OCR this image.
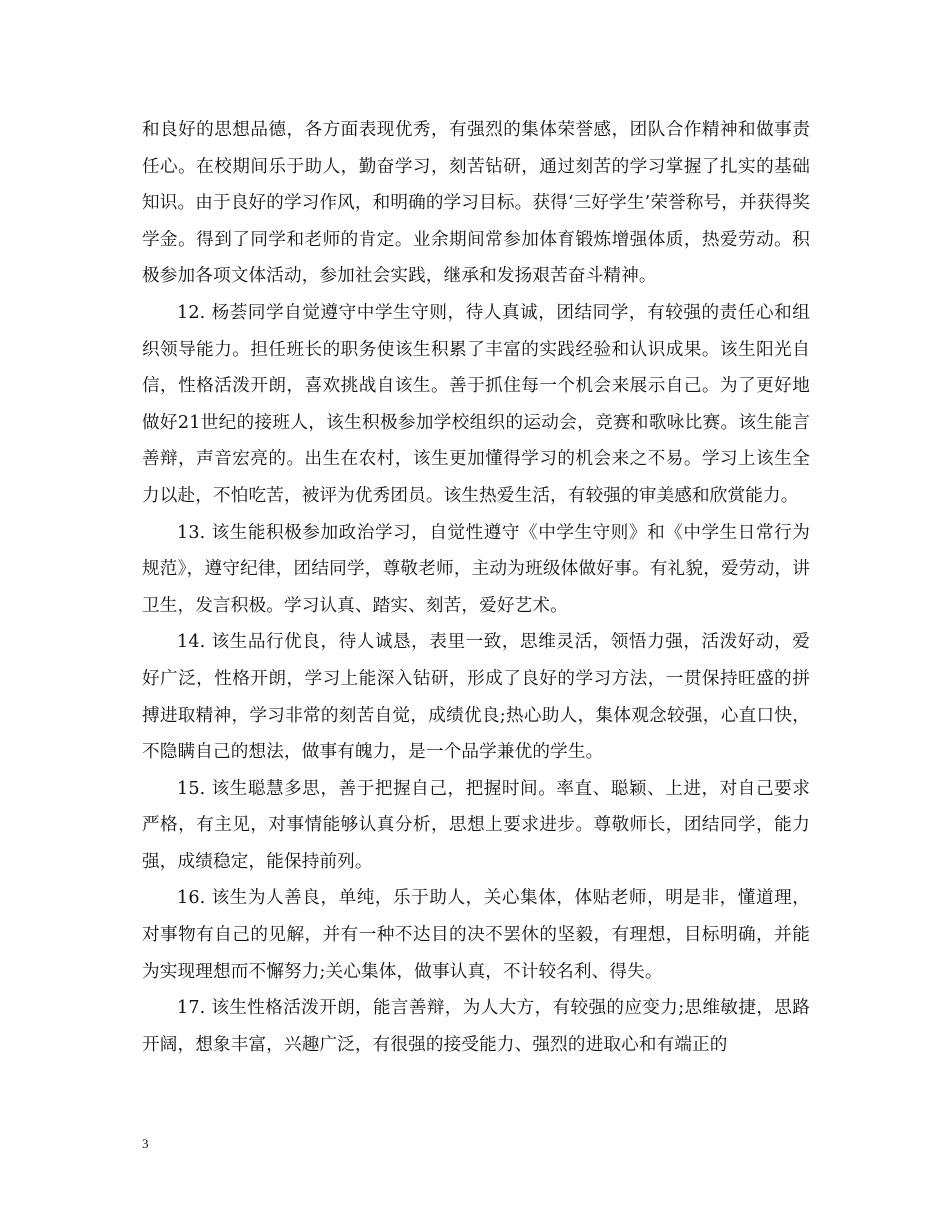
和良好的思想品德，各方面表现优秀，有强烈的集体荣誉感，团队合作精神和做事责任心。在校期间乐于助人，勤奋学习，刻苦钻研，通过刻苦的学习掌握了扎实的基础知识。由于良好的学习作风，和明确的学习目标。获得‘三好学生’荣誉称号，并获得奖学金。得到了同学和老师的肯定。业余期间常参加体育锻炼增强体质，热爱劳动。积极参加各项文体活动，参加社会实践，继承和发扬艰苦奋斗精神。

12. 杨荟同学自觉遵守中学生守则，待人真诚，团结同学，有较强的责任心和组织领导能力。担任班长的职务使该生积累了丰富的实践经验和认识成果。该生阳光自信，性格活泼开朗，喜欢挑战自该生。善于抓住每一个机会来展示自己。为了更好地做好21世纪的接班人，该生积极参加学校组织的运动会，竞赛和歌咏比赛。该生能言善辩，声音宏亮的。出生在农村，该生更加懂得学习的机会来之不易。学习上该生全力以赴，不怕吃苦，被评为优秀团员。该生热爱生活，有较强的审美感和欣赏能力。

13. 该生能积极参加政治学习，自觉性遵守《中学生守则》和《中学生日常行为规范》，遵守纪律，团结同学，尊敬老师，主动为班级体做好事。有礼貌，爱劳动，讲卫生，发言积极。学习认真、踏实、刻苦，爱好艺术。

14. 该生品行优良，待人诚恳，表里一致，思维灵活，领悟力强，活泼好动，爱好广泛，性格开朗，学习上能深入钻研，形成了良好的学习方法，一贯保持旺盛的拼搏进取精神，学习非常的刻苦自觉，成绩优良;热心助人，集体观念较强，心直口快，不隐瞒自己的想法，做事有魄力，是一个品学兼优的学生。

15. 该生聪慧多思，善于把握自己，把握时间。率直、聪颖、上进，对自己要求严格，有主见，对事情能够认真分析，思想上要求进步。尊敬师长，团结同学，能力强，成绩稳定，能保持前列。

16. 该生为人善良，单纯，乐于助人，关心集体，体贴老师，明是非，懂道理，对事物有自己的见解，并有一种不达目的决不罢休的坚毅，有理想，目标明确，并能为实现理想而不懈努力;关心集体，做事认真，不计较名利、得失。

17. 该生性格活泼开朗，能言善辩，为人大方，有较强的应变力;思维敏捷，思路开阔，想象丰富，兴趣广泛，有很强的接受能力、强烈的进取心和有端正的

3
